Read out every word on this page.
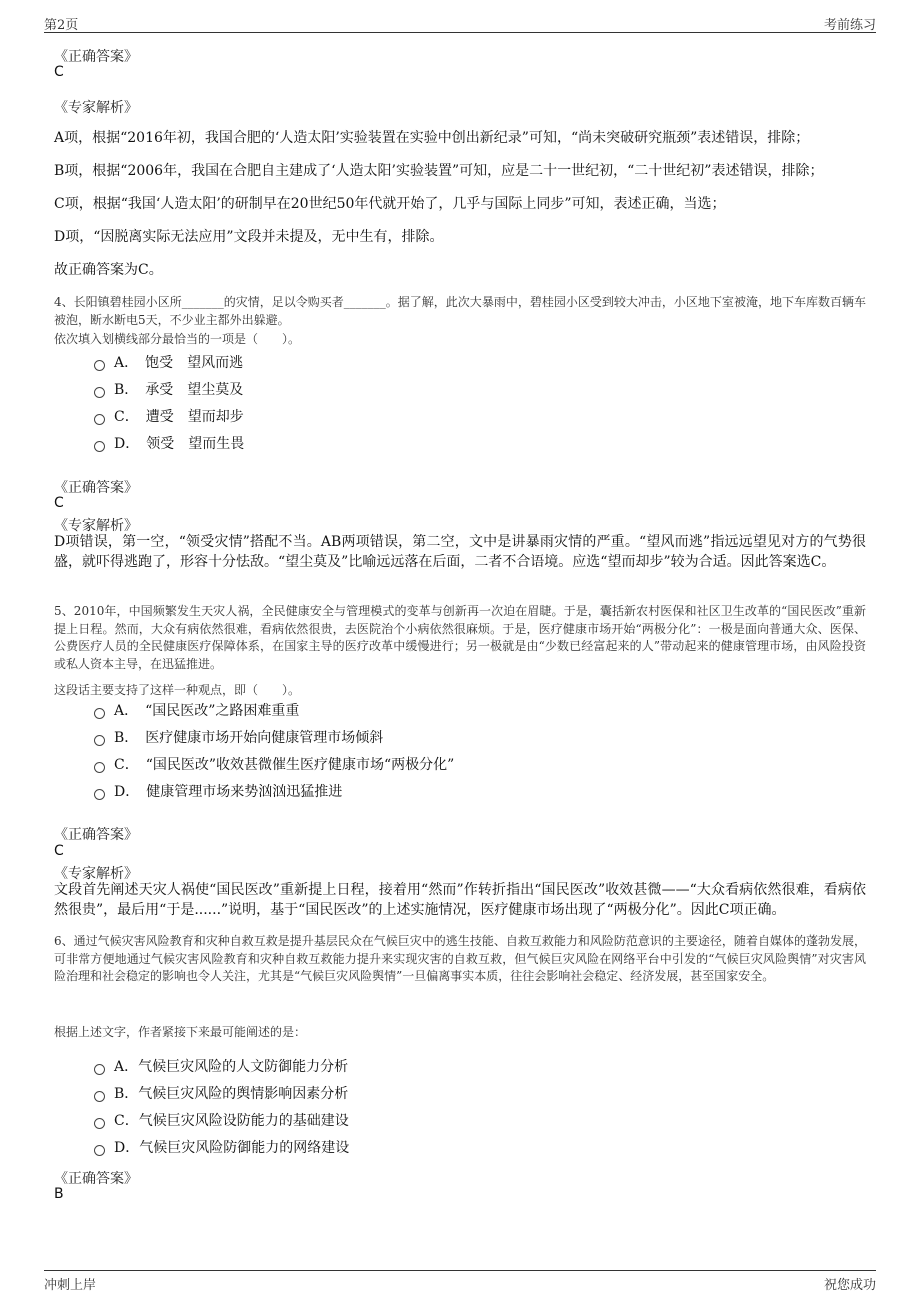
第2页	考前练习
《正确答案》
C
《专家解析》
A项，根据“2016年初，我国合肥的‘人造太阳’实验装置在实验中创出新纪录”可知，“尚未突破研究瓶颈”表述错误，排除；
B项，根据“2006年，我国在合肥自主建成了‘人造太阳’实验装置”可知，应是二十一世纪初，“二十世纪初”表述错误，排除；
C项，根据“我国‘人造太阳’的研制早在20世纪50年代就开始了，几乎与国际上同步”可知，表述正确，当选；
D项，“因脱离实际无法应用”文段并未提及，无中生有，排除。
故正确答案为C。
4、长阳镇碧桂园小区所_______的灾情，足以令购买者_______。据了解，此次大暴雨中，碧桂园小区受到较大冲击，小区地下室被淹，地下车库数百辆车被泡，断水断电5天，不少业主都外出躲避。
依次填入划横线部分最恰当的一项是（　　）。
A．　饱受　望风而逃
B．　承受　望尘莫及
C．　遭受　望而却步
D．　领受　望而生畏
《正确答案》
C
《专家解析》
D项错误，第一空，“领受灾情”搭配不当。AB两项错误，第二空，文中是讲暴雨灾情的严重。“望风而逃”指远远望见对方的气势很盛，就吓得逃跑了，形容十分怯敌。“望尘莫及”比喻远远落在后面，二者不合语境。应选“望而却步”较为合适。因此答案选C。
5、2010年，中国频繁发生天灾人祸，全民健康安全与管理模式的变革与创新再一次迫在眉睫。于是，囊括新农村医保和社区卫生改革的“国民医改”重新提上日程。然而，大众有病依然很难，看病依然很贵，去医院治个小病依然很麻烦。于是，医疗健康市场开始“两极分化”：一极是面向普通大众、医保、公费医疗人员的全民健康医疗保障体系，在国家主导的医疗改革中缓慢进行；另一极就是由“少数已经富起来的人”带动起来的健康管理市场，由风险投资或私人资本主导，在迅猛推进。
这段话主要支持了这样一种观点，即（　　）。
A．　“国民医改”之路困难重重
B．　医疗健康市场开始向健康管理市场倾斜
C．　“国民医改”收效甚微催生医疗健康市场“两极分化”
D．　健康管理市场来势汹汹迅猛推进
《正确答案》
C
《专家解析》
文段首先阐述天灾人祸使“国民医改”重新提上日程，接着用“然而”作转折指出“国民医改”收效甚微——“大众看病依然很难，看病依然很贵”，最后用“于是......”说明，基于“国民医改”的上述实施情况，医疗健康市场出现了“两极分化”。因此C项正确。
6、通过气候灾害风险教育和灾种自救互救是提升基层民众在气候巨灾中的逃生技能、自救互救能力和风险防范意识的主要途径，随着自媒体的蓬勃发展，可非常方便地通过气候灾害风险教育和灾种自救互救能力提升来实现灾害的自救互救，但气候巨灾风险在网络平台中引发的“气候巨灾风险舆情”对灾害风险治理和社会稳定的影响也令人关注，尤其是“气候巨灾风险舆情”一旦偏离事实本质，往往会影响社会稳定、经济发展，甚至国家安全。
根据上述文字，作者紧接下来最可能阐述的是：
A．气候巨灾风险的人文防御能力分析
B．气候巨灾风险的舆情影响因素分析
C．气候巨灾风险设防能力的基础建设
D．气候巨灾风险防御能力的网络建设
《正确答案》
B
冲刺上岸	祝您成功
